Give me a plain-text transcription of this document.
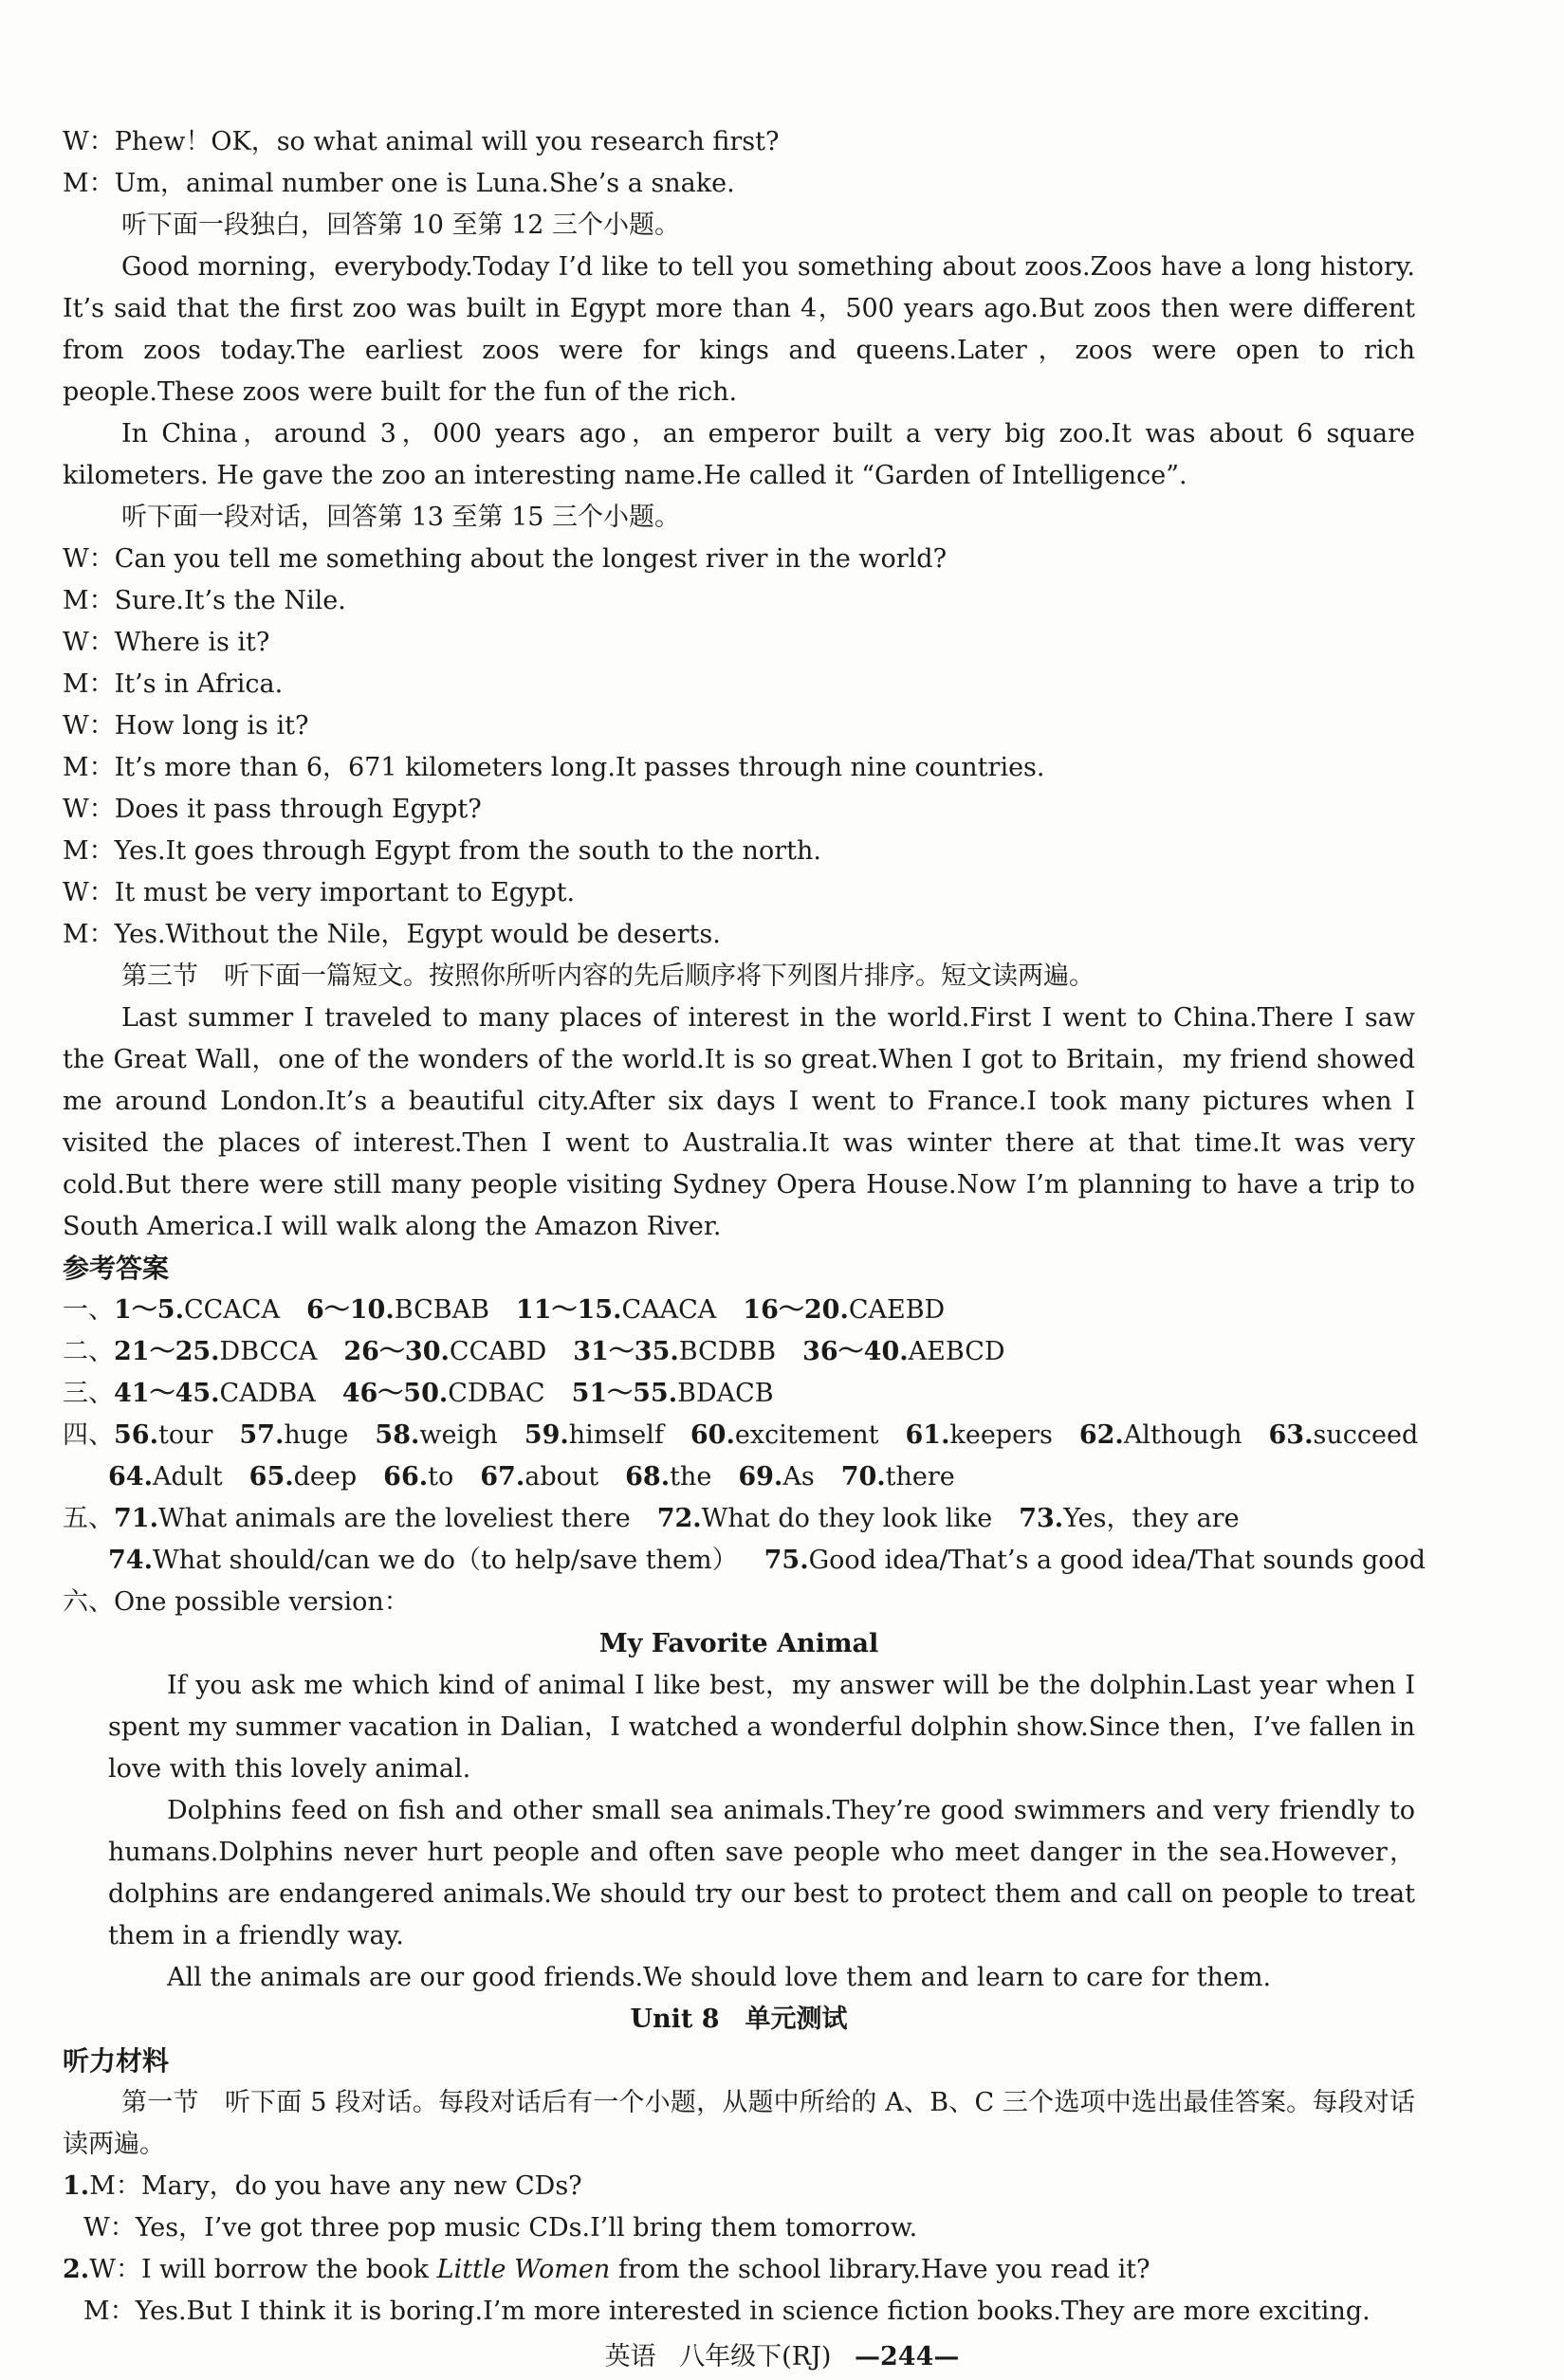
W：Phew！OK，so what animal will you research first?
M：Um，animal number one is Luna.She’s a snake.
听下面一段独白，回答第 10 至第 12 三个小题。
Good morning，everybody.Today I’d like to tell you something about zoos.Zoos have a long history. It’s said that the first zoo was built in Egypt more than 4，500 years ago.But zoos then were different from zoos today.The earliest zoos were for kings and queens.Later，zoos were open to rich people.These zoos were built for the fun of the rich.
In China，around 3，000 years ago，an emperor built a very big zoo.It was about 6 square kilometers. He gave the zoo an interesting name.He called it “Garden of Intelligence”.
听下面一段对话，回答第 13 至第 15 三个小题。
W：Can you tell me something about the longest river in the world?
M：Sure.It’s the Nile.
W：Where is it?
M：It’s in Africa.
W：How long is it?
M：It’s more than 6，671 kilometers long.It passes through nine countries.
W：Does it pass through Egypt?
M：Yes.It goes through Egypt from the south to the north.
W：It must be very important to Egypt.
M：Yes.Without the Nile，Egypt would be deserts.
第三节　听下面一篇短文。按照你所听内容的先后顺序将下列图片排序。短文读两遍。
Last summer I traveled to many places of interest in the world.First I went to China.There I saw the Great Wall，one of the wonders of the world.It is so great.When I got to Britain，my friend showed me around London.It’s a beautiful city.After six days I went to France.I took many pictures when I visited the places of interest.Then I went to Australia.It was winter there at that time.It was very cold.But there were still many people visiting Sydney Opera House.Now I’m planning to have a trip to South America.I will walk along the Amazon River.
参考答案
一、1～5.CCACA 6～10.BCBAB 11～15.CAACA 16～20.CAEBD
二、21～25.DBCCA 26～30.CCABD 31～35.BCDBB 36～40.AEBCD
三、41～45.CADBA 46～50.CDBAC 51～55.BDACB
四、56.tour 57.huge 58.weigh 59.himself 60.excitement 61.keepers 62.Although 63.succeed
64.Adult 65.deep 66.to 67.about 68.the 69.As 70.there
五、71.What animals are the loveliest there 72.What do they look like 73.Yes，they are
74.What should/can we do（to help/save them） 75.Good idea/That’s a good idea/That sounds good
六、One possible version：
My Favorite Animal
If you ask me which kind of animal I like best，my answer will be the dolphin.Last year when I spent my summer vacation in Dalian，I watched a wonderful dolphin show.Since then，I’ve fallen in love with this lovely animal.
Dolphins feed on fish and other small sea animals.They’re good swimmers and very friendly to humans.Dolphins never hurt people and often save people who meet danger in the sea.However，dolphins are endangered animals.We should try our best to protect them and call on people to treat them in a friendly way.
All the animals are our good friends.We should love them and learn to care for them.
Unit 8　单元测试
听力材料
第一节　听下面 5 段对话。每段对话后有一个小题，从题中所给的 A、B、C 三个选项中选出最佳答案。每段对话读两遍。
1.M：Mary，do you have any new CDs?
W：Yes，I’ve got three pop music CDs.I’ll bring them tomorrow.
2.W：I will borrow the book Little Women from the school library.Have you read it?
M：Yes.But I think it is boring.I’m more interested in science fiction books.They are more exciting.
英语 八年级下(RJ) —244—
